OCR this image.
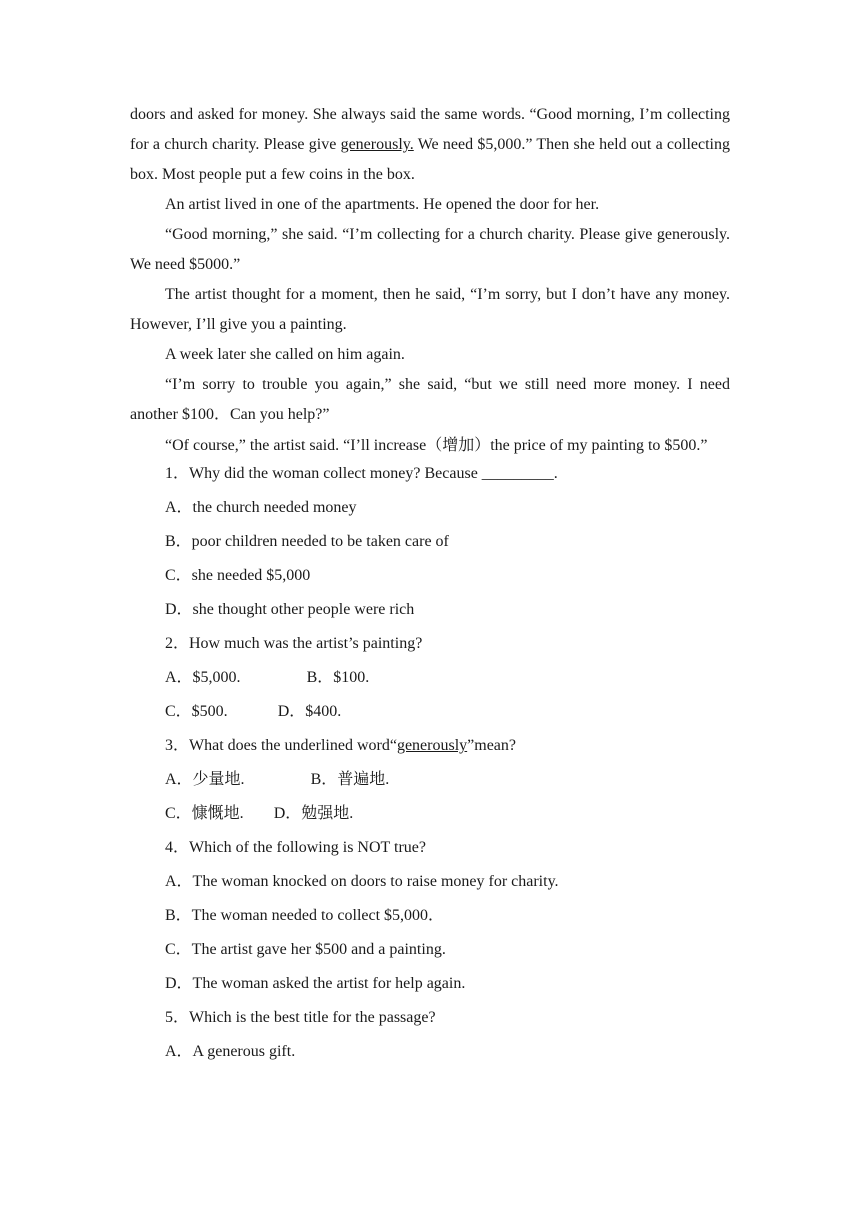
doors and asked for money. She always said the same words. “Good morning, I’m collecting for a church charity. Please give generously. We need $5,000.” Then she held out a collecting box. Most people put a few coins in the box.

An artist lived in one of the apartments. He opened the door for her.

“Good morning,” she said. “I’m collecting for a church charity. Please give generously. We need $5000.”

The artist thought for a moment, then he said, “I’m sorry, but I don’t have any money. However, I’ll give you a painting.

A week later she called on him again.

“I’m sorry to trouble you again,” she said, “but we still need more money. I need another $100．Can you help?”

“Of course,” the artist said. “I’ll increase（增加）the price of my painting to $500.”

1．Why did the woman collect money? Because _________.

A．the church needed money

B．poor children needed to be taken care of

C．she needed $5,000

D．she thought other people were rich

2．How much was the artist’s painting?

A．$5,000.	B．$100.

C．$500.	D．$400.

3．What does the underlined word“generously”mean?

A．少量地.	B．普遍地.

C．慷慨地. D．勉强地.

4．Which of the following is NOT true?

A．The woman knocked on doors to raise money for charity.

B．The woman needed to collect $5,000．

C．The artist gave her $500 and a painting.

D．The woman asked the artist for help again.

5．Which is the best title for the passage?

A．A generous gift.
